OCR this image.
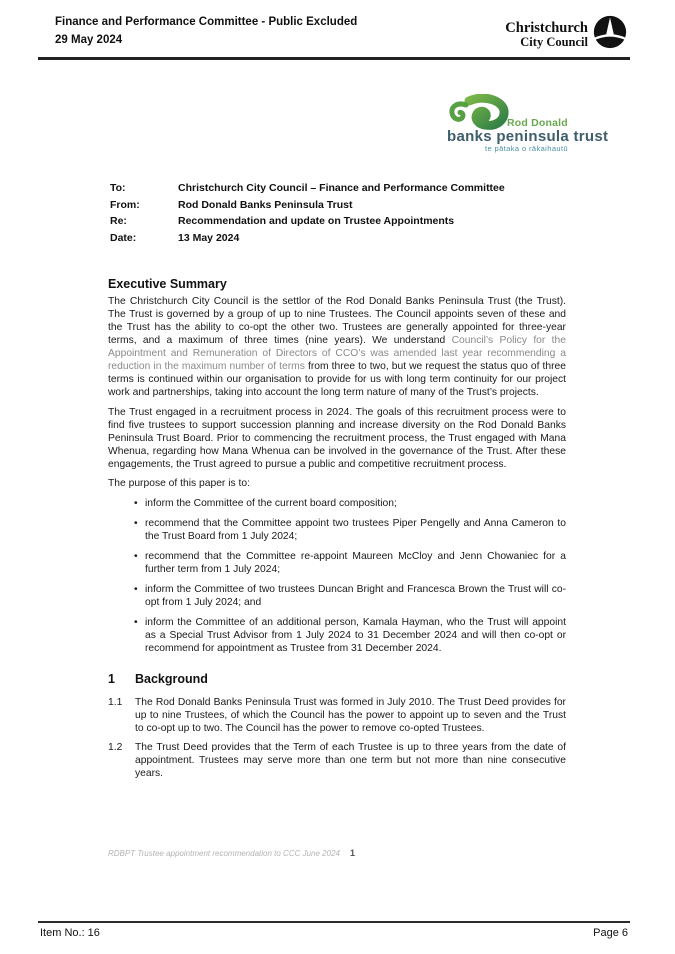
Finance and Performance Committee - Public Excluded
29 May 2024
Christchurch
City Council
Rod Donald
banks peninsula trust
te pātaka o rākaihautū
To:	Christchurch City Council – Finance and Performance Committee
From:	Rod Donald Banks Peninsula Trust
Re:	Recommendation and update on Trustee Appointments
Date:	13 May 2024
Executive Summary

The Christchurch City Council is the settlor of the Rod Donald Banks Peninsula Trust (the Trust). The Trust is governed by a group of up to nine Trustees. The Council appoints seven of these and the Trust has the ability to co-opt the other two. Trustees are generally appointed for three-year terms, and a maximum of three times (nine years). We understand Council’s Policy for the Appointment and Remuneration of Directors of CCO’s was amended last year recommending a reduction in the maximum number of terms from three to two, but we request the status quo of three terms is continued within our organisation to provide for us with long term continuity for our project work and partnerships, taking into account the long term nature of many of the Trust’s projects.

The Trust engaged in a recruitment process in 2024. The goals of this recruitment process were to find five trustees to support succession planning and increase diversity on the Rod Donald Banks Peninsula Trust Board. Prior to commencing the recruitment process, the Trust engaged with Mana Whenua, regarding how Mana Whenua can be involved in the governance of the Trust. After these engagements, the Trust agreed to pursue a public and competitive recruitment process.

The purpose of this paper is to:

• inform the Committee of the current board composition;
• recommend that the Committee appoint two trustees Piper Pengelly and Anna Cameron to the Trust Board from 1 July 2024;
• recommend that the Committee re-appoint Maureen McCloy and Jenn Chowaniec for a further term from 1 July 2024;
• inform the Committee of two trustees Duncan Bright and Francesca Brown the Trust will co-opt from 1 July 2024; and
• inform the Committee of an additional person, Kamala Hayman, who the Trust will appoint as a Special Trust Advisor from 1 July 2024 to 31 December 2024 and will then co-opt or recommend for appointment as Trustee from 31 December 2024.
1 Background
1.1 The Rod Donald Banks Peninsula Trust was formed in July 2010. The Trust Deed provides for up to nine Trustees, of which the Council has the power to appoint up to seven and the Trust to co-opt up to two. The Council has the power to remove co-opted Trustees.
1.2 The Trust Deed provides that the Term of each Trustee is up to three years from the date of appointment. Trustees may serve more than one term but not more than nine consecutive years.
RDBPT Trustee appointment recommendation to CCC June 2024 1
Item No.: 16	Page 6
